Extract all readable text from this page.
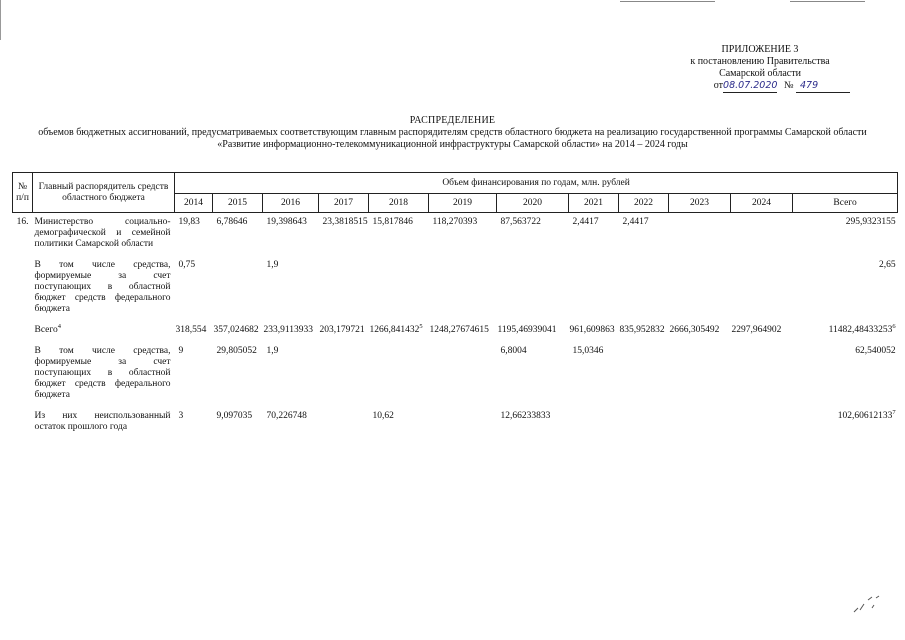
ПРИЛОЖЕНИЕ 3
к постановлению Правительства
Самарской области
от08.07.2020 № 479
РАСПРЕДЕЛЕНИЕ
объемов бюджетных ассигнований, предусматриваемых соответствующим главным распорядителям средств областного бюджета на реализацию государственной программы Самарской области «Развитие информационно-телекоммуникационной инфраструктуры Самарской области» на 2014 – 2024 годы
№ п/п	Главный распорядитель средств областного бюджета	Объем финансирования по годам, млн. рублей											
		2014	2015	2016	2017	2018	2019	2020	2021	2022	2023	2024	Всего
16.	Министерство социально-демографической и семейной политики Самарской области	19,83	6,78646	19,398643	23,3818515	15,817846	118,270393	87,563722	2,4417	2,4417			295,9323155
	В том числе средства, формируемые за счет поступающих в областной бюджет средств федерального бюджета	0,75		1,9									2,65
	Всего$^4$	318,554	357,024682	233,9113933	203,179721	1266,841432$^5$	1248,27674615	1195,46939041	961,609863	835,952832	2666,305492	2297,964902	11482,48433253$^6$
	В том числе средства, формируемые за счет поступающих в областной бюджет средств федерального бюджета	9	29,805052	1,9				6,8004	15,0346				62,540052
	Из них неиспользованный остаток прошлого года	3	9,097035	70,226748		10,62		12,66233833					102,60612133$^7$
